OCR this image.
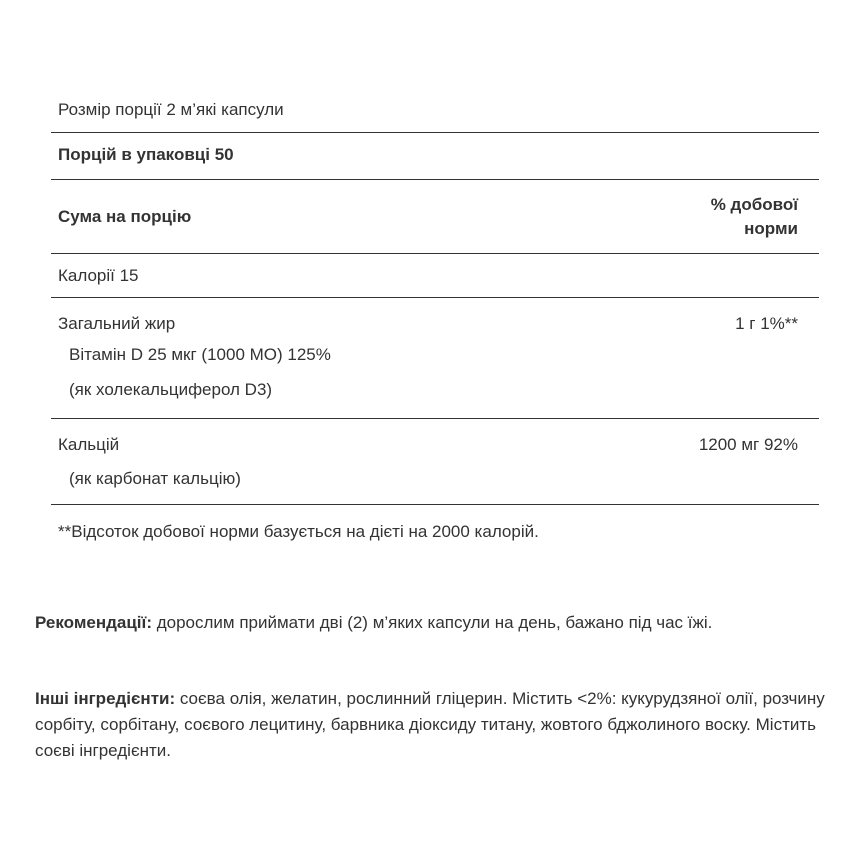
Розмір порції 2 м’які капсули
Порцій в упаковці 50
Сума на порцію
% добової норми
Калорії 15
Загальний жир	1 г 1%**
Вітамін D 25 мкг (1000 МО) 125%
(як холекальциферол D3)
Кальцій	1200 мг 92%
(як карбонат кальцію)
**Відсоток добової норми базується на дієті на 2000 калорій.
Рекомендації: дорослим приймати дві (2) м’яких капсули на день, бажано під час їжі.
Інші інгредієнти: соєва олія, желатин, рослинний гліцерин. Містить <2%: кукурудзяної олії, розчину сорбіту, сорбітану, соєвого лецитину, барвника діоксиду титану, жовтого бджолиного воску. Містить соєві інгредієнти.
